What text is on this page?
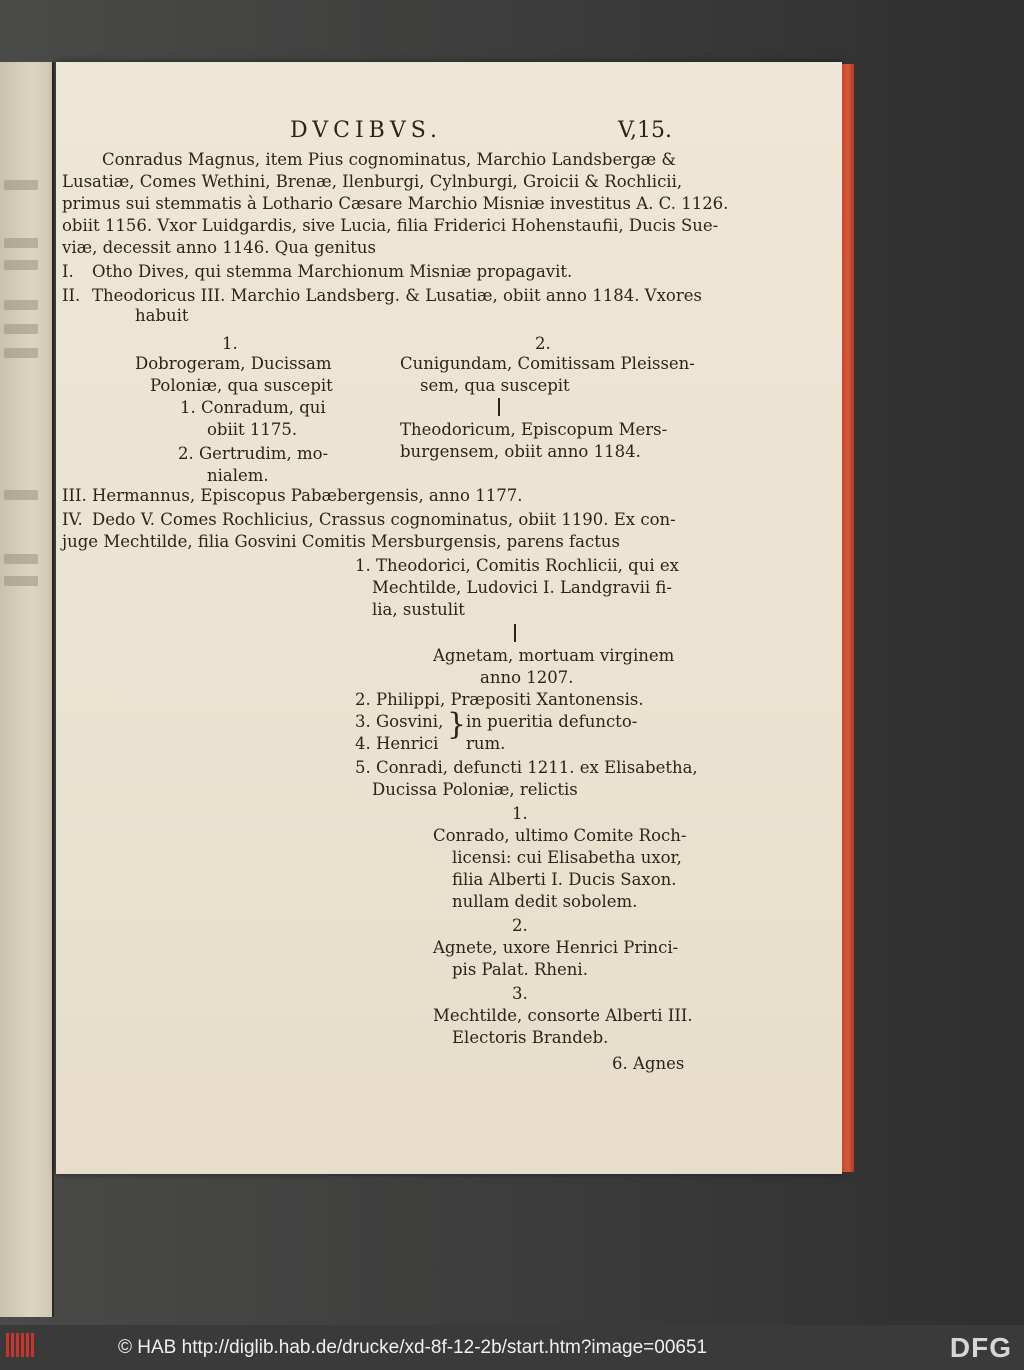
DVCIBVS.	V,15.
Conradus Magnus, item Pius cognominatus, Marchio Landsbergæ &
Lusatiæ, Comes Wethini, Brenæ, Ilenburgi, Cylnburgi, Groicii & Rochlicii,
primus sui stemmatis à Lothario Cæsare Marchio Misniæ investitus A. C. 1126.
obiit 1156. Vxor Luidgardis, sive Lucia, filia Friderici Hohenstaufii, Ducis Sue-
viæ, decessit anno 1146. Qua genitus
I. Otho Dives, qui stemma Marchionum Misniæ propagavit.
II. Theodoricus III. Marchio Landsberg. & Lusatiæ, obiit anno 1184. Vxores
habuit
1.
Dobrogeram, Ducissam
Poloniæ, qua suscepit
1. Conradum, qui
obiit 1175.
2. Gertrudim, mo-
nialem.
2.
Cunigundam, Comitissam Pleissen-
sem, qua suscepit
Theodoricum, Episcopum Mers-
burgensem, obiit anno 1184.
III. Hermannus, Episcopus Pabæbergensis, anno 1177.
IV. Dedo V. Comes Rochlicius, Crassus cognominatus, obiit 1190. Ex con-
juge Mechtilde, filia Gosvini Comitis Mersburgensis, parens factus
1. Theodorici, Comitis Rochlicii, qui ex
Mechtilde, Ludovici I. Landgravii fi-
lia, sustulit
Agnetam, mortuam virginem
anno 1207.
2. Philippi, Præpositi Xantonensis.
3. Gosvini,
4. Henrici
} in pueritia defuncto-
rum.
5. Conradi, defuncti 1211. ex Elisabetha,
Ducissa Poloniæ, relictis
1.
Conrado, ultimo Comite Roch-
licensi: cui Elisabetha uxor,
filia Alberti I. Ducis Saxon.
nullam dedit sobolem.
2.
Agnete, uxore Henrici Princi-
pis Palat. Rheni.
3.
Mechtilde, consorte Alberti III.
Electoris Brandeb.
6. Agnes
© HAB http://diglib.hab.de/drucke/xd-8f-12-2b/start.htm?image=00651	DFG
